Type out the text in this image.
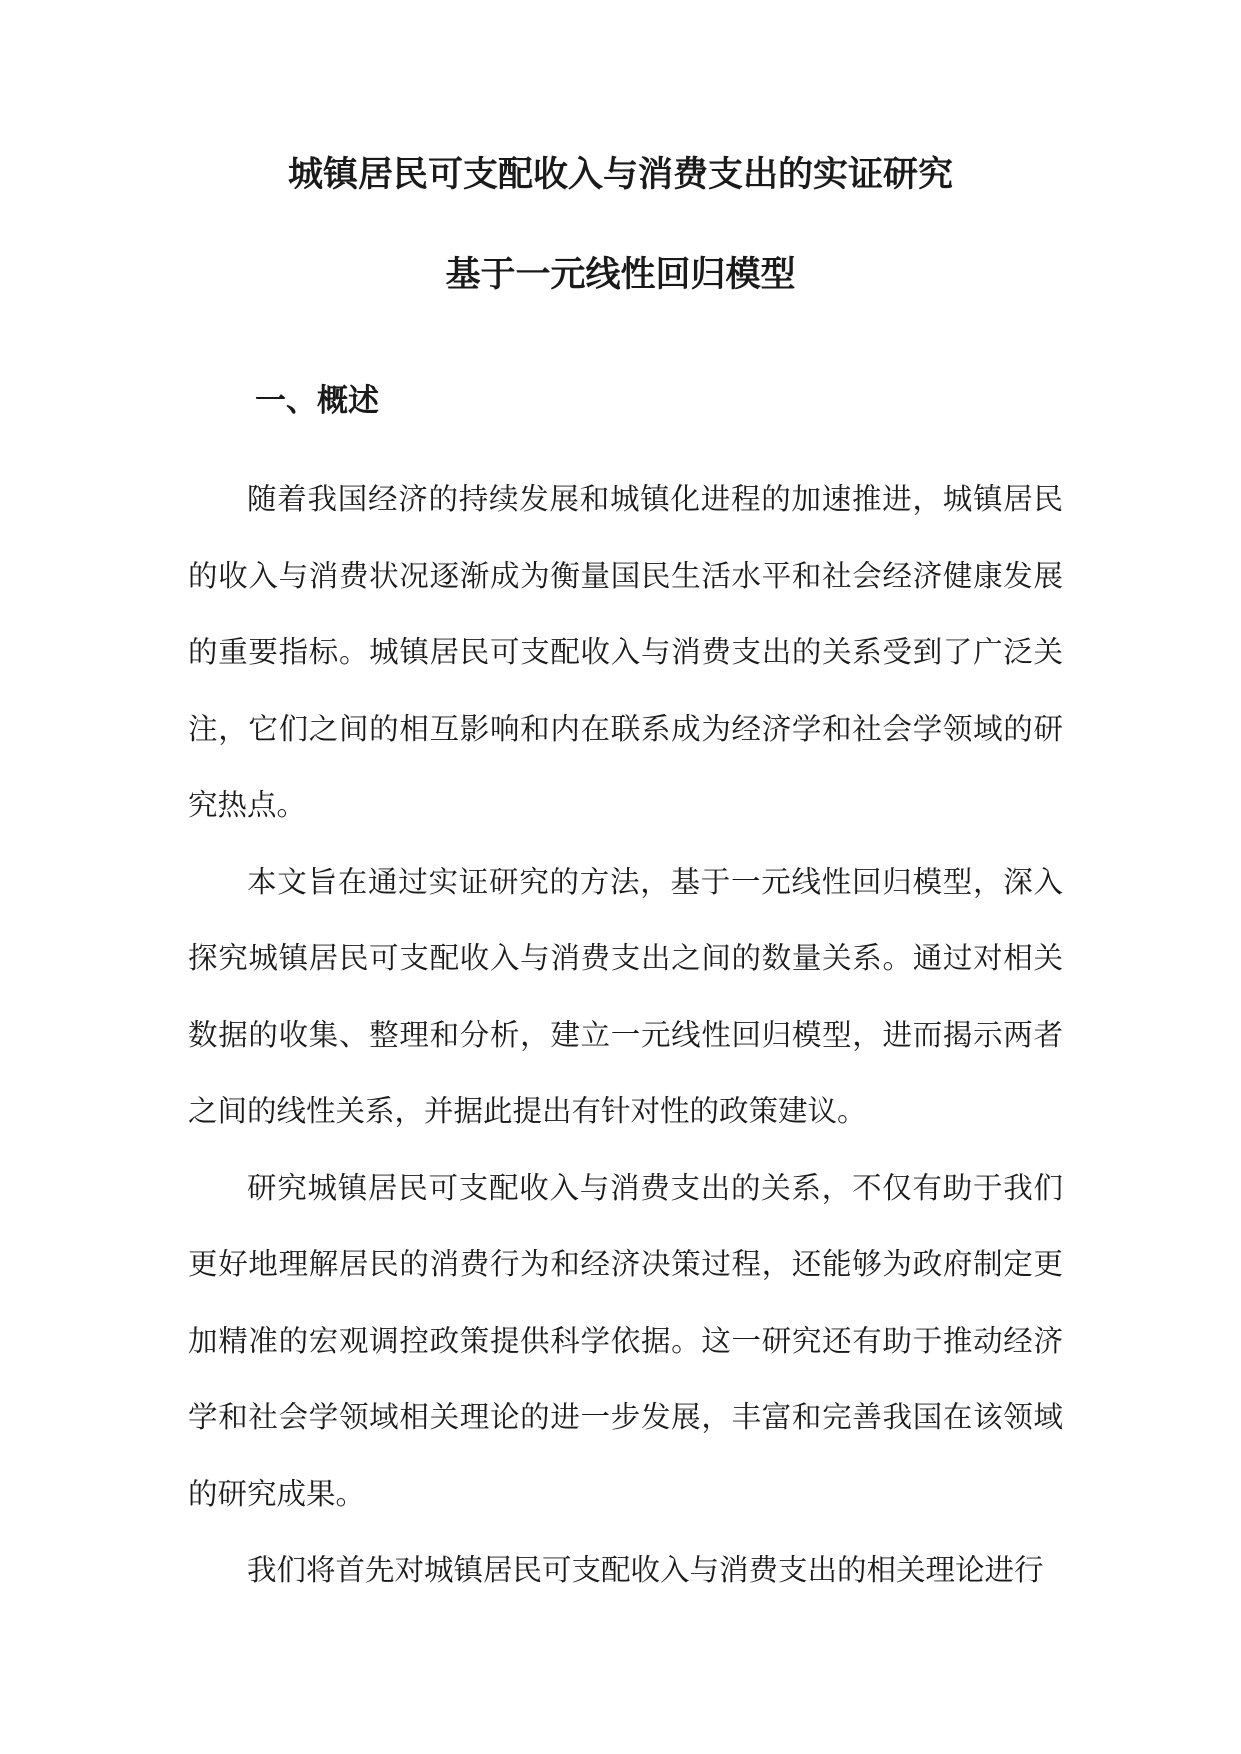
城镇居民可支配收入与消费支出的实证研究
基于一元线性回归模型
一、概述

随着我国经济的持续发展和城镇化进程的加速推进，城镇居民的收入与消费状况逐渐成为衡量国民生活水平和社会经济健康发展的重要指标。城镇居民可支配收入与消费支出的关系受到了广泛关注，它们之间的相互影响和内在联系成为经济学和社会学领域的研究热点。

本文旨在通过实证研究的方法，基于一元线性回归模型，深入探究城镇居民可支配收入与消费支出之间的数量关系。通过对相关数据的收集、整理和分析，建立一元线性回归模型，进而揭示两者之间的线性关系，并据此提出有针对性的政策建议。

研究城镇居民可支配收入与消费支出的关系，不仅有助于我们更好地理解居民的消费行为和经济决策过程，还能够为政府制定更加精准的宏观调控政策提供科学依据。这一研究还有助于推动经济学和社会学领域相关理论的进一步发展，丰富和完善我国在该领域的研究成果。

我们将首先对城镇居民可支配收入与消费支出的相关理论进行
